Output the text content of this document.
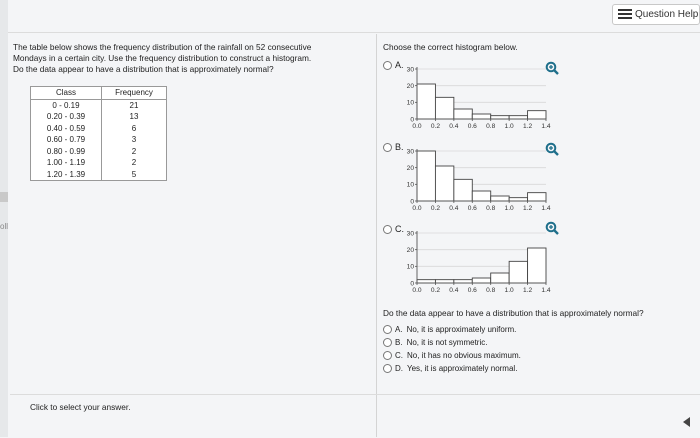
oll
Question Help
The table below shows the frequency distribution of the rainfall on 52 consecutive
Mondays in a certain city. Use the frequency distribution to construct a histogram.
Do the data appear to have a distribution that is approximately normal?
Class	Frequency
0 - 0.19	21
0.20 - 0.39	13
0.40 - 0.59	6
0.60 - 0.79	3
0.80 - 0.99	2
1.00 - 1.19	2
1.20 - 1.39	5
Choose the correct histogram below.
A.
0
10
20
30
0.0 0.2 0.4 0.6 0.8 1.0 1.2 1.4
B.
0
10
20
30
0.0 0.2 0.4 0.6 0.8 1.0 1.2 1.4
C.
0
10
20
30
0.0 0.2 0.4 0.6 0.8 1.0 1.2 1.4
Do the data appear to have a distribution that is approximately normal?
A. No, it is approximately uniform.
B. No, it is not symmetric.
C. No, it has no obvious maximum.
D. Yes, it is approximately normal.
Click to select your answer.
